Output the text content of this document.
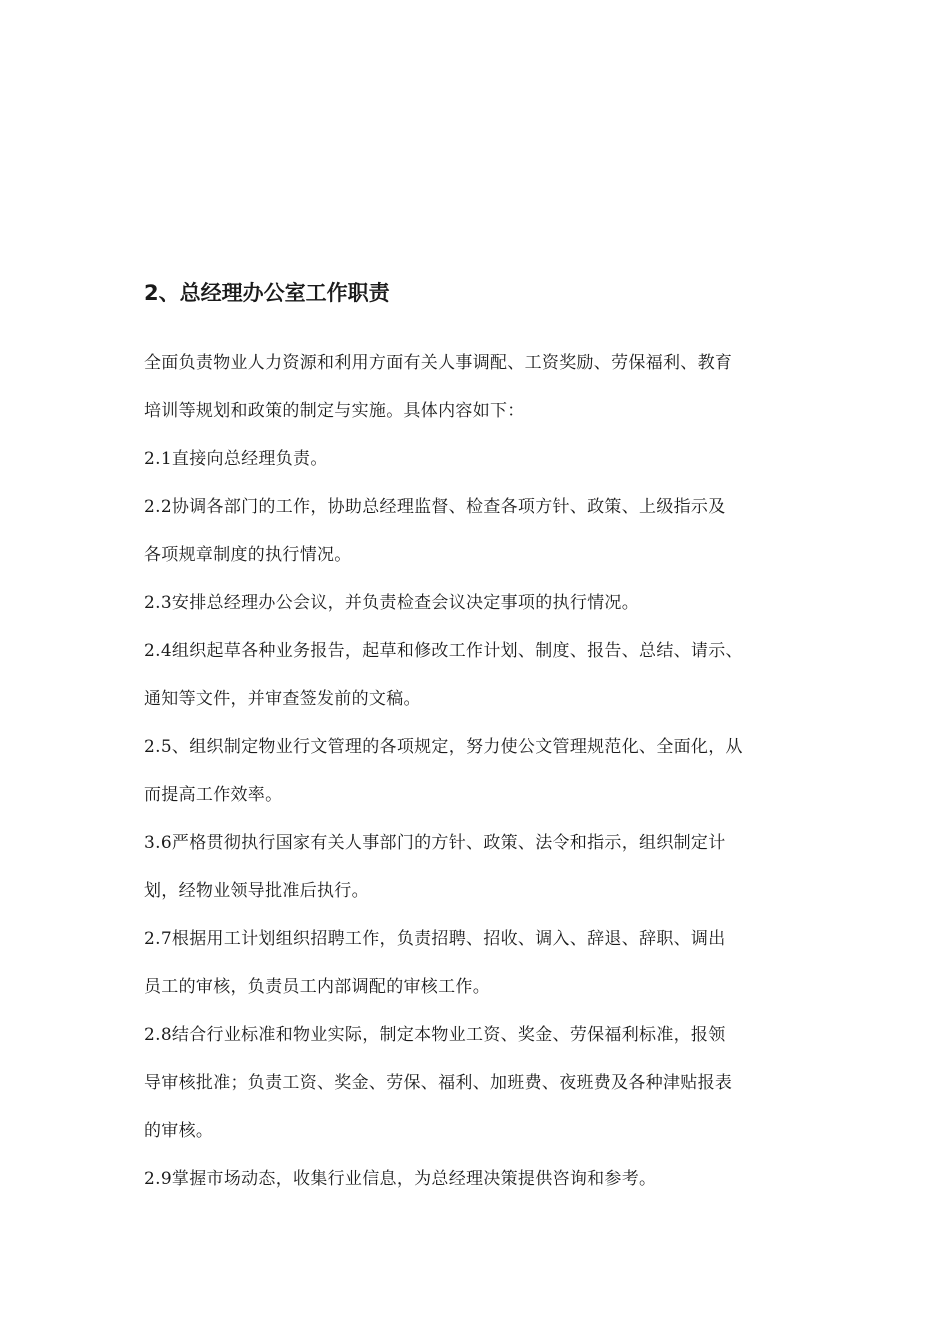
2、总经理办公室工作职责
全面负责物业人力资源和利用方面有关人事调配、工资奖励、劳保福利、教育
培训等规划和政策的制定与实施。具体内容如下：
2.1直接向总经理负责。
2.2协调各部门的工作，协助总经理监督、检查各项方针、政策、上级指示及
各项规章制度的执行情况。
2.3安排总经理办公会议，并负责检查会议决定事项的执行情况。
2.4组织起草各种业务报告，起草和修改工作计划、制度、报告、总结、请示、
通知等文件，并审查签发前的文稿。
2.5、组织制定物业行文管理的各项规定，努力使公文管理规范化、全面化，从
而提高工作效率。
3.6严格贯彻执行国家有关人事部门的方针、政策、法令和指示，组织制定计
划，经物业领导批准后执行。
2.7根据用工计划组织招聘工作，负责招聘、招收、调入、辞退、辞职、调出
员工的审核，负责员工内部调配的审核工作。
2.8结合行业标准和物业实际，制定本物业工资、奖金、劳保福利标准，报领
导审核批准；负责工资、奖金、劳保、福利、加班费、夜班费及各种津贴报表
的审核。
2.9掌握市场动态，收集行业信息，为总经理决策提供咨询和参考。
